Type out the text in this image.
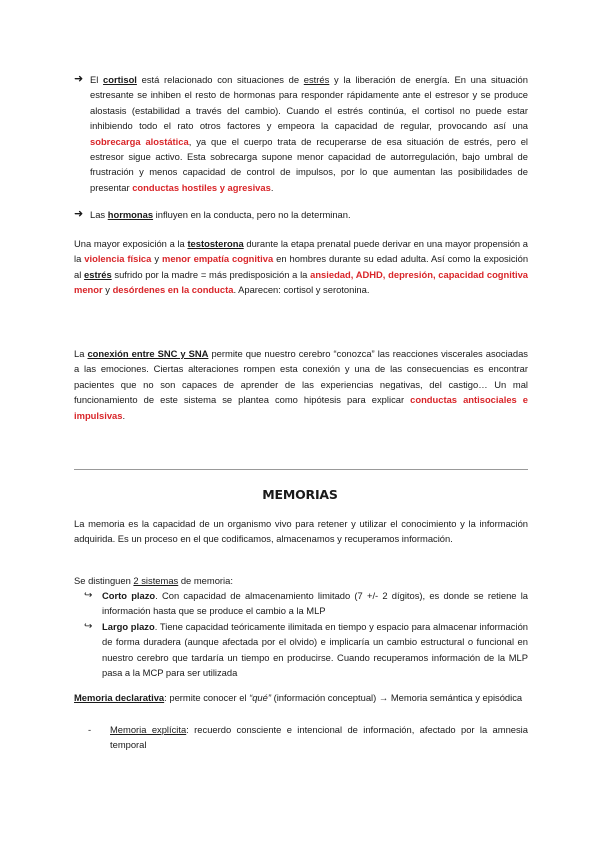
➜ El cortisol está relacionado con situaciones de estrés y la liberación de energía. En una situación estresante se inhiben el resto de hormonas para responder rápidamente ante el estresor y se produce alostasis (estabilidad a través del cambio). Cuando el estrés continúa, el cortisol no puede estar inhibiendo todo el rato otros factores y empeora la capacidad de regular, provocando así una sobrecarga alostática, ya que el cuerpo trata de recuperarse de esa situación de estrés, pero el estresor sigue activo. Esta sobrecarga supone menor capacidad de autorregulación, bajo umbral de frustración y menos capacidad de control de impulsos, por lo que aumentan las posibilidades de presentar conductas hostiles y agresivas.
➜ Las hormonas influyen en la conducta, pero no la determinan.
Una mayor exposición a la testosterona durante la etapa prenatal puede derivar en una mayor propensión a la violencia física y menor empatía cognitiva en hombres durante su edad adulta. Así como la exposición al estrés sufrido por la madre = más predisposición a la ansiedad, ADHD, depresión, capacidad cognitiva menor y desórdenes en la conducta. Aparecen: cortisol y serotonina.
La conexión entre SNC y SNA permite que nuestro cerebro “conozca” las reacciones viscerales asociadas a las emociones. Ciertas alteraciones rompen esta conexión y una de las consecuencias es encontrar pacientes que no son capaces de aprender de las experiencias negativas, del castigo… Un mal funcionamiento de este sistema se plantea como hipótesis para explicar conductas antisociales e impulsivas.
MEMORIAS
La memoria es la capacidad de un organismo vivo para retener y utilizar el conocimiento y la información adquirida. Es un proceso en el que codificamos, almacenamos y recuperamos información.
Se distinguen 2 sistemas de memoria:
↪ Corto plazo. Con capacidad de almacenamiento limitado (7 +/- 2 dígitos), es donde se retiene la información hasta que se produce el cambio a la MLP
↪ Largo plazo. Tiene capacidad teóricamente ilimitada en tiempo y espacio para almacenar información de forma duradera (aunque afectada por el olvido) e implicaría un cambio estructural o funcional en nuestro cerebro que tardaría un tiempo en producirse. Cuando recuperamos información de la MLP pasa a la MCP para ser utilizada
Memoria declarativa: permite conocer el “qué” (información conceptual) → Memoria semántica y episódica
- Memoria explícita: recuerdo consciente e intencional de información, afectado por la amnesia temporal
